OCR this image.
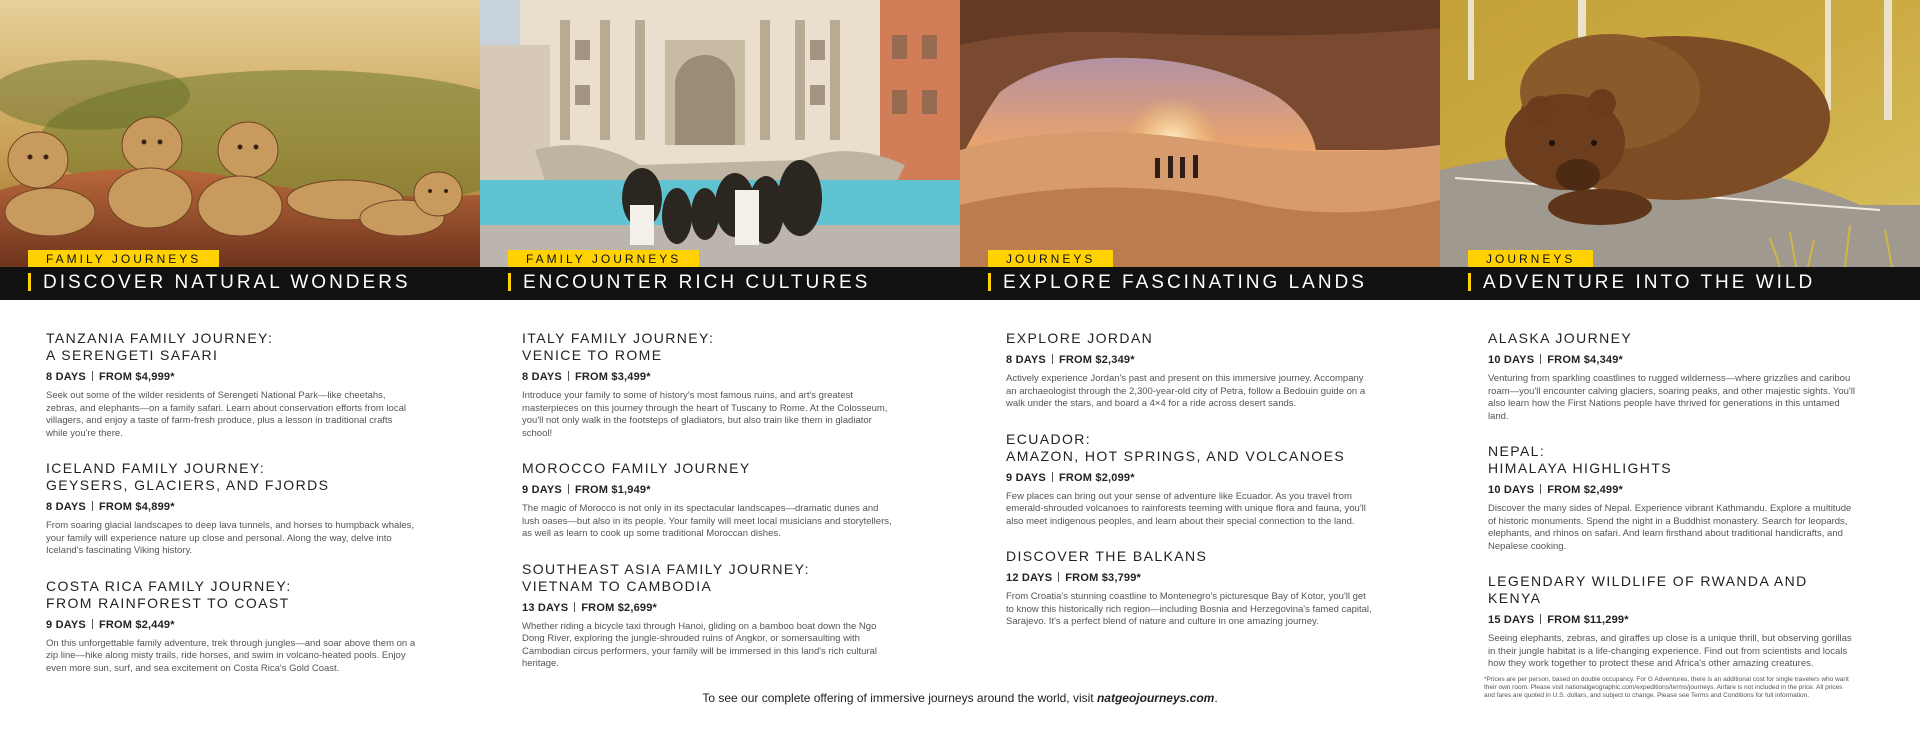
FAMILY JOURNEYS
DISCOVER NATURAL WONDERS
FAMILY JOURNEYS
ENCOUNTER RICH CULTURES
JOURNEYS
EXPLORE FASCINATING LANDS
JOURNEYS
ADVENTURE INTO THE WILD
TANZANIA FAMILY JOURNEY:
A SERENGETI SAFARI
8 DAYS FROM $4,999*

Seek out some of the wilder residents of Serengeti National Park—like cheetahs, zebras, and elephants—on a family safari. Learn about conservation efforts from local villagers, and enjoy a taste of farm-fresh produce, plus a lesson in traditional crafts while you're there.

ICELAND FAMILY JOURNEY:
GEYSERS, GLACIERS, AND FJORDS
8 DAYS FROM $4,899*

From soaring glacial landscapes to deep lava tunnels, and horses to humpback whales, your family will experience nature up close and personal. Along the way, delve into Iceland's fascinating Viking history.

COSTA RICA FAMILY JOURNEY:
FROM RAINFOREST TO COAST
9 DAYS FROM $2,449*

On this unforgettable family adventure, trek through jungles—and soar above them on a zip line—hike along misty trails, ride horses, and swim in volcano-heated pools. Enjoy even more sun, surf, and sea excitement on Costa Rica's Gold Coast.

ITALY FAMILY JOURNEY:
VENICE TO ROME
8 DAYS FROM $3,499*

Introduce your family to some of history's most famous ruins, and art's greatest masterpieces on this journey through the heart of Tuscany to Rome. At the Colosseum, you'll not only walk in the footsteps of gladiators, but also train like them in gladiator school!

MOROCCO FAMILY JOURNEY
9 DAYS FROM $1,949*

The magic of Morocco is not only in its spectacular landscapes—dramatic dunes and lush oases—but also in its people. Your family will meet local musicians and storytellers, as well as learn to cook up some traditional Moroccan dishes.

SOUTHEAST ASIA FAMILY JOURNEY:
VIETNAM TO CAMBODIA
13 DAYS FROM $2,699*

Whether riding a bicycle taxi through Hanoi, gliding on a bamboo boat down the Ngo Dong River, exploring the jungle-shrouded ruins of Angkor, or somersaulting with Cambodian circus performers, your family will be immersed in this land's rich cultural heritage.

EXPLORE JORDAN
8 DAYS FROM $2,349*

Actively experience Jordan's past and present on this immersive journey. Accompany an archaeologist through the 2,300-year-old city of Petra, follow a Bedouin guide on a walk under the stars, and board a 4×4 for a ride across desert sands.

ECUADOR:
AMAZON, HOT SPRINGS, AND VOLCANOES
9 DAYS FROM $2,099*

Few places can bring out your sense of adventure like Ecuador. As you travel from emerald-shrouded volcanoes to rainforests teeming with unique flora and fauna, you'll also meet indigenous peoples, and learn about their special connection to the land.

DISCOVER THE BALKANS
12 DAYS FROM $3,799*

From Croatia's stunning coastline to Montenegro's picturesque Bay of Kotor, you'll get to know this historically rich region—including Bosnia and Herzegovina's famed capital, Sarajevo. It's a perfect blend of nature and culture in one amazing journey.

ALASKA JOURNEY
10 DAYS FROM $4,349*

Venturing from sparkling coastlines to rugged wilderness—where grizzlies and caribou roam—you'll encounter calving glaciers, soaring peaks, and other majestic sights. You'll also learn how the First Nations people have thrived for generations in this untamed land.

NEPAL:
HIMALAYA HIGHLIGHTS
10 DAYS FROM $2,499*

Discover the many sides of Nepal. Experience vibrant Kathmandu. Explore a multitude of historic monuments. Spend the night in a Buddhist monastery. Search for leopards, elephants, and rhinos on safari. And learn firsthand about traditional handicrafts, and Nepalese cooking.

LEGENDARY WILDLIFE OF RWANDA AND KENYA
15 DAYS FROM $11,299*

Seeing elephants, zebras, and giraffes up close is a unique thrill, but observing gorillas in their jungle habitat is a life-changing experience. Find out from scientists and locals how they work together to protect these and Africa's other amazing creatures.

To see our complete offering of immersive journeys around the world, visit natgeojourneys.com.
*Prices are per person, based on double occupancy. For G Adventures, there is an additional cost for single travelers who want their own room. Please visit nationalgeographic.com/expeditions/terms/journeys. Airfare is not included in the price. All prices and fares are quoted in U.S. dollars, and subject to change. Please see Terms and Conditions for full information.
